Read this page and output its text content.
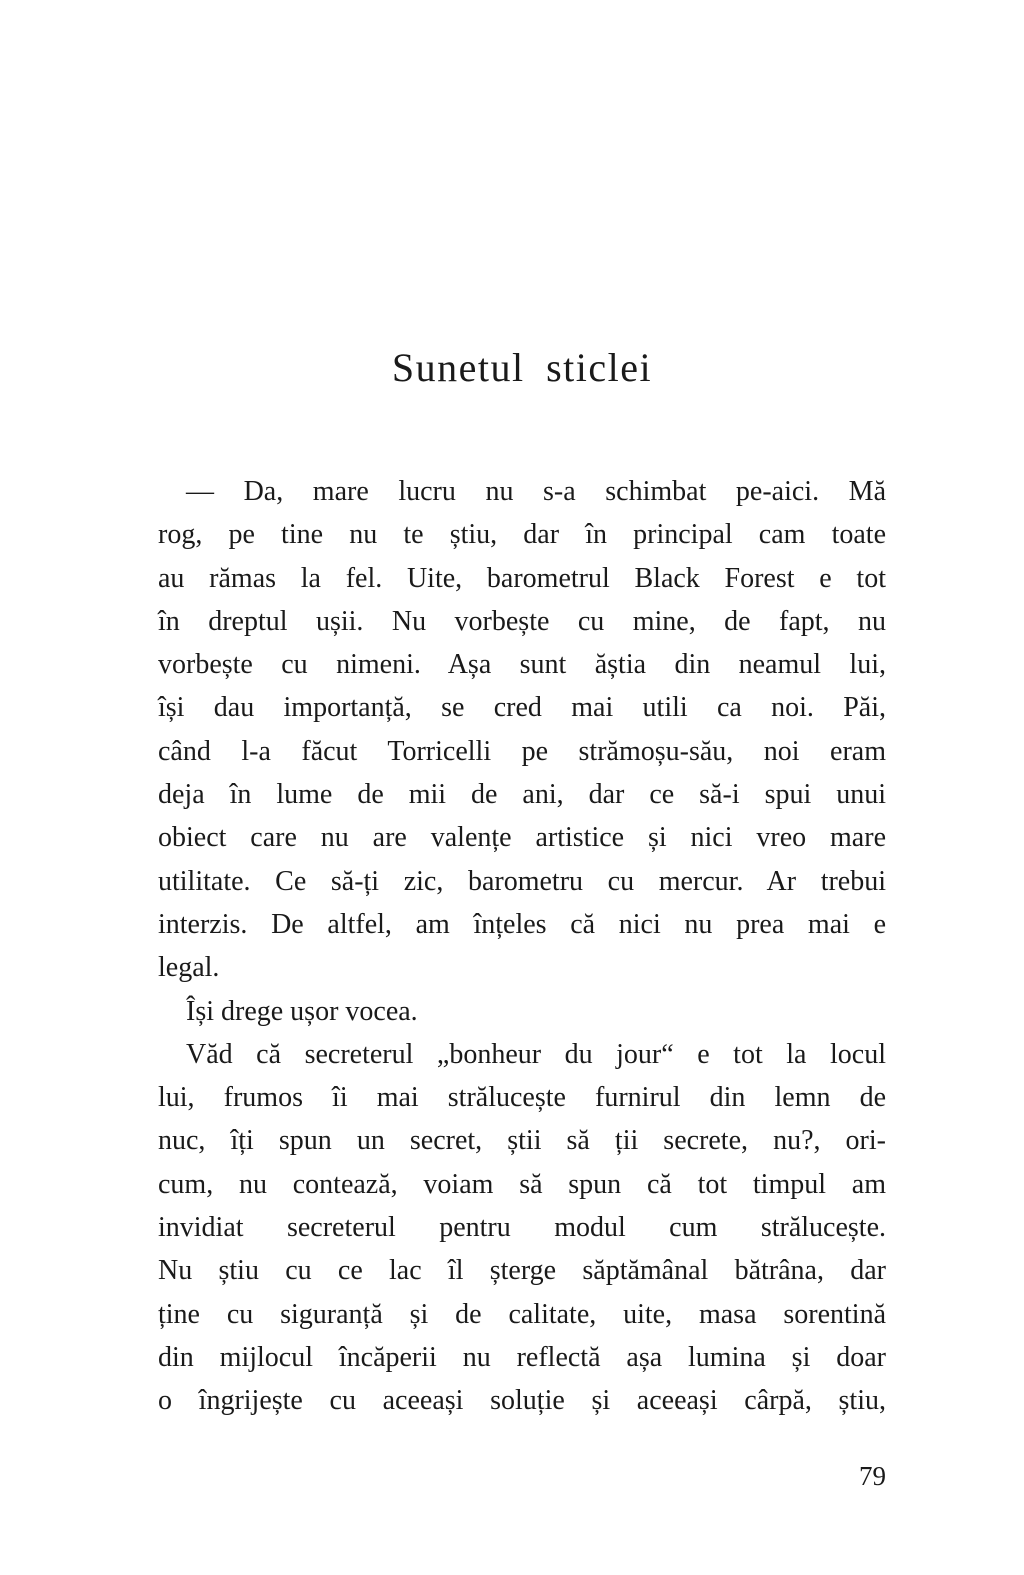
Sunetul sticlei
— Da, mare lucru nu s-a schimbat pe-aici. Mă
rog, pe tine nu te știu, dar în principal cam toate
au rămas la fel. Uite, barometrul Black Forest e tot
în dreptul ușii. Nu vorbește cu mine, de fapt, nu
vorbește cu nimeni. Așa sunt ăștia din neamul lui,
își dau importanță, se cred mai utili ca noi. Păi,
când l-a făcut Torricelli pe strămoșu-său, noi eram
deja în lume de mii de ani, dar ce să-i spui unui
obiect care nu are valențe artistice și nici vreo mare
utilitate. Ce să-ți zic, barometru cu mercur. Ar trebui
interzis. De altfel, am înțeles că nici nu prea mai e
legal.
Își drege ușor vocea.
Văd că secreterul „bonheur du jour“ e tot la locul
lui, frumos îi mai strălucește furnirul din lemn de
nuc, îți spun un secret, știi să ții secrete, nu?, ori-
cum, nu contează, voiam să spun că tot timpul am
invidiat secreterul pentru modul cum strălucește.
Nu știu cu ce lac îl șterge săptămânal bătrâna, dar
ține cu siguranță și de calitate, uite, masa sorentină
din mijlocul încăperii nu reflectă așa lumina și doar
o îngrijește cu aceeași soluție și aceeași cârpă, știu,
79
